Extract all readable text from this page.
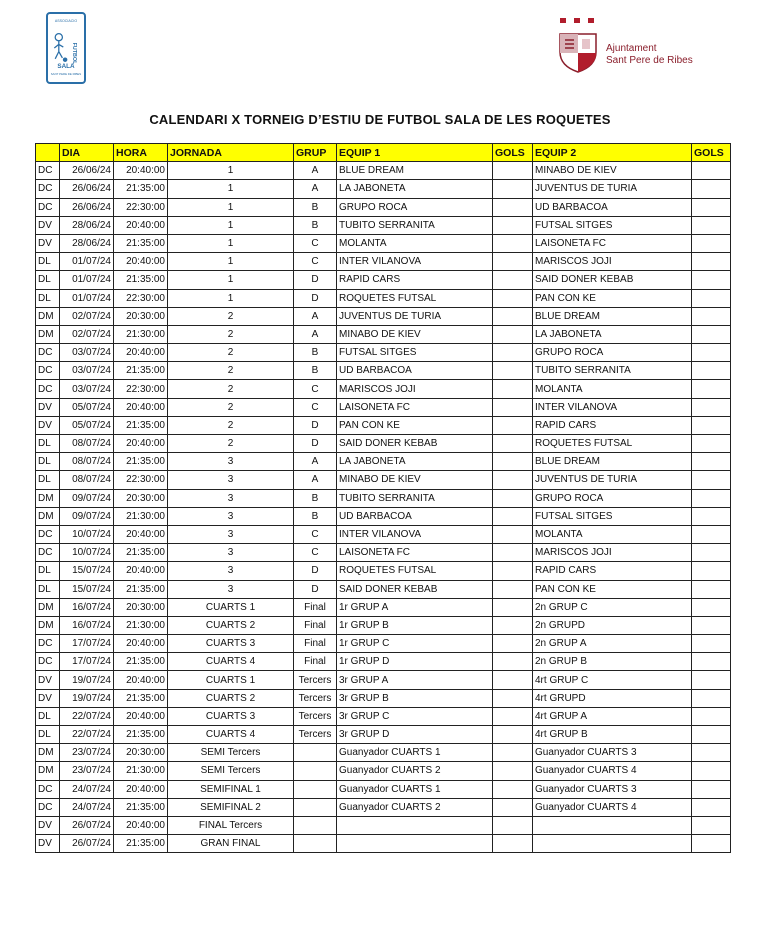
ASSOCIACIO
FUTBOL
SALA
SANT PERE DE RIBES
Ajuntament
Sant Pere de Ribes
CALENDARI X TORNEIG D’ESTIU DE FUTBOL SALA DE LES ROQUETES
	DIA	HORA	JORNADA	GRUP	EQUIP 1	GOLS	EQUIP 2	GOLS
DC	26/06/24	20:40:00	1	A	BLUE DREAM		MINABO DE KIEV	
DC	26/06/24	21:35:00	1	A	LA JABONETA		JUVENTUS DE TURIA	
DC	26/06/24	22:30:00	1	B	GRUPO ROCA		UD BARBACOA	
DV	28/06/24	20:40:00	1	B	TUBITO SERRANITA		FUTSAL SITGES	
DV	28/06/24	21:35:00	1	C	MOLANTA		LAISONETA FC	
DL	01/07/24	20:40:00	1	C	INTER VILANOVA		MARISCOS JOJI	
DL	01/07/24	21:35:00	1	D	RAPID CARS		SAID DONER KEBAB	
DL	01/07/24	22:30:00	1	D	ROQUETES FUTSAL		PAN CON KE	
DM	02/07/24	20:30:00	2	A	JUVENTUS DE TURIA		BLUE DREAM	
DM	02/07/24	21:30:00	2	A	MINABO DE KIEV		LA JABONETA	
DC	03/07/24	20:40:00	2	B	FUTSAL SITGES		GRUPO ROCA	
DC	03/07/24	21:35:00	2	B	UD BARBACOA		TUBITO SERRANITA	
DC	03/07/24	22:30:00	2	C	MARISCOS JOJI		MOLANTA	
DV	05/07/24	20:40:00	2	C	LAISONETA FC		INTER VILANOVA	
DV	05/07/24	21:35:00	2	D	PAN CON KE		RAPID CARS	
DL	08/07/24	20:40:00	2	D	SAID DONER KEBAB		ROQUETES FUTSAL	
DL	08/07/24	21:35:00	3	A	LA JABONETA		BLUE DREAM	
DL	08/07/24	22:30:00	3	A	MINABO DE KIEV		JUVENTUS DE TURIA	
DM	09/07/24	20:30:00	3	B	TUBITO SERRANITA		GRUPO ROCA	
DM	09/07/24	21:30:00	3	B	UD BARBACOA		FUTSAL SITGES	
DC	10/07/24	20:40:00	3	C	INTER VILANOVA		MOLANTA	
DC	10/07/24	21:35:00	3	C	LAISONETA FC		MARISCOS JOJI	
DL	15/07/24	20:40:00	3	D	ROQUETES FUTSAL		RAPID CARS	
DL	15/07/24	21:35:00	3	D	SAID DONER KEBAB		PAN CON KE	
DM	16/07/24	20:30:00	CUARTS 1	Final	1r GRUP A		2n GRUP C	
DM	16/07/24	21:30:00	CUARTS 2	Final	1r GRUP B		2n GRUPD	
DC	17/07/24	20:40:00	CUARTS 3	Final	1r GRUP C		2n GRUP A	
DC	17/07/24	21:35:00	CUARTS 4	Final	1r GRUP D		2n GRUP B	
DV	19/07/24	20:40:00	CUARTS 1	Tercers	3r GRUP A		4rt GRUP C	
DV	19/07/24	21:35:00	CUARTS 2	Tercers	3r GRUP B		4rt GRUPD	
DL	22/07/24	20:40:00	CUARTS 3	Tercers	3r GRUP C		4rt GRUP A	
DL	22/07/24	21:35:00	CUARTS 4	Tercers	3r GRUP D		4rt GRUP B	
DM	23/07/24	20:30:00	SEMI Tercers		Guanyador CUARTS 1		Guanyador CUARTS 3	
DM	23/07/24	21:30:00	SEMI Tercers		Guanyador CUARTS 2		Guanyador CUARTS 4	
DC	24/07/24	20:40:00	SEMIFINAL 1		Guanyador CUARTS 1		Guanyador CUARTS 3	
DC	24/07/24	21:35:00	SEMIFINAL 2		Guanyador CUARTS 2		Guanyador CUARTS 4	
DV	26/07/24	20:40:00	FINAL Tercers					
DV	26/07/24	21:35:00	GRAN FINAL					
